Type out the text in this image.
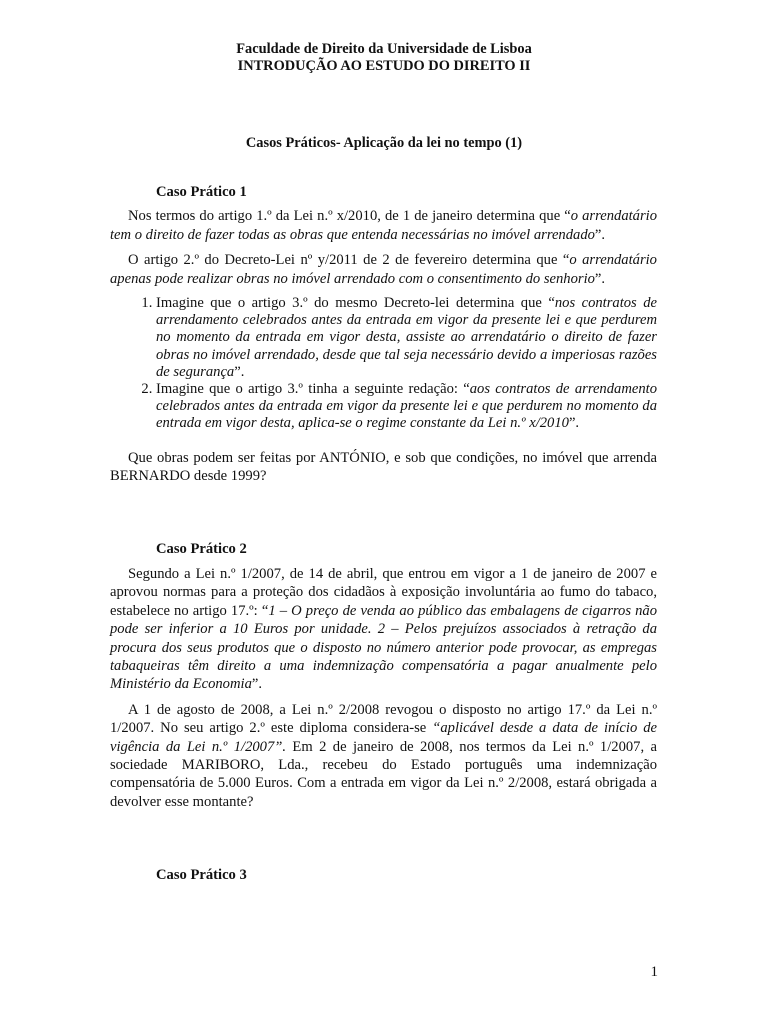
Faculdade de Direito da Universidade de Lisboa
INTRODUÇÃO AO ESTUDO DO DIREITO II
Casos Práticos- Aplicação da lei no tempo (1)
Caso Prático 1

Nos termos do artigo 1.º da Lei n.º x/2010, de 1 de janeiro determina que “o arrendatário tem o direito de fazer todas as obras que entenda necessárias no imóvel arrendado”.

O artigo 2.º do Decreto-Lei nº y/2011 de 2 de fevereiro determina que “o arrendatário apenas pode realizar obras no imóvel arrendado com o consentimento do senhorio”.

1. Imagine que o artigo 3.º do mesmo Decreto-lei determina que “nos contratos de arrendamento celebrados antes da entrada em vigor da presente lei e que perdurem no momento da entrada em vigor desta, assiste ao arrendatário o direito de fazer obras no imóvel arrendado, desde que tal seja necessário devido a imperiosas razões de segurança”.
2. Imagine que o artigo 3.º tinha a seguinte redação: “aos contratos de arrendamento celebrados antes da entrada em vigor da presente lei e que perdurem no momento da entrada em vigor desta, aplica-se o regime constante da Lei n.º x/2010”.

Que obras podem ser feitas por ANTÓNIO, e sob que condições, no imóvel que arrenda BERNARDO desde 1999?

Caso Prático 2

Segundo a Lei n.º 1/2007, de 14 de abril, que entrou em vigor a 1 de janeiro de 2007 e aprovou normas para a proteção dos cidadãos à exposição involuntária ao fumo do tabaco, estabelece no artigo 17.º: “1 – O preço de venda ao público das embalagens de cigarros não pode ser inferior a 10 Euros por unidade. 2 – Pelos prejuízos associados à retração da procura dos seus produtos que o disposto no número anterior pode provocar, as empregas tabaqueiras têm direito a uma indemnização compensatória a pagar anualmente pelo Ministério da Economia”.

A 1 de agosto de 2008, a Lei n.º 2/2008 revogou o disposto no artigo 17.º da Lei n.º 1/2007. No seu artigo 2.º este diploma considera-se “aplicável desde a data de início de vigência da Lei n.º 1/2007”. Em 2 de janeiro de 2008, nos termos da Lei n.º 1/2007, a sociedade MARIBORO, Lda., recebeu do Estado português uma indemnização compensatória de 5.000 Euros. Com a entrada em vigor da Lei n.º 2/2008, estará obrigada a devolver esse montante?

Caso Prático 3
1
